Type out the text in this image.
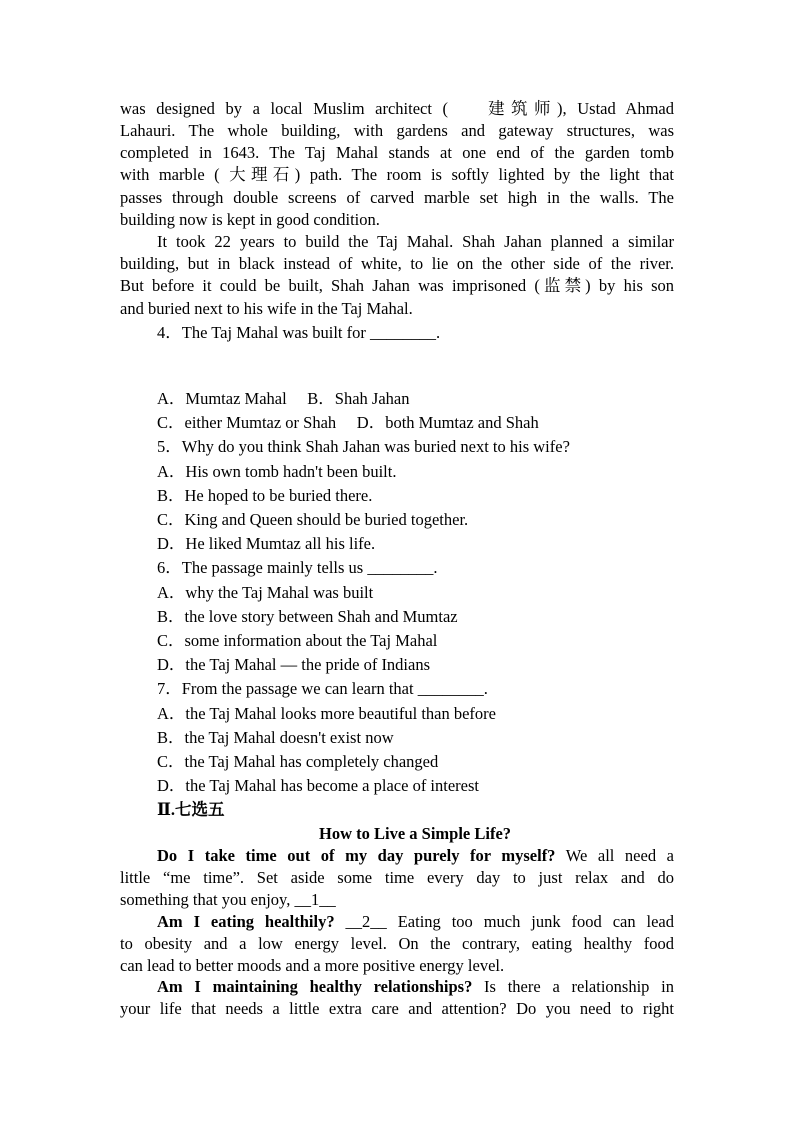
was designed by a local Muslim architect (　 建筑师), Ustad Ahmad
Lahauri. The whole building, with gardens and gateway structures, was
completed in 1643. The Taj Mahal stands at one end of the garden tomb
with marble ( 大理石) path. The room is softly lighted by the light that
passes through double screens of carved marble set high in the walls. The
building now is kept in good condition.
It took 22 years to build the Taj Mahal. Shah Jahan planned a similar
building, but in black instead of white, to lie on the other side of the river.
But before it could be built, Shah Jahan was imprisoned (监禁) by his son
and buried next to his wife in the Taj Mahal.
4．The Taj Mahal was built for ________.
A．Mumtaz Mahal  B．Shah Jahan
C．either Mumtaz or Shah  D．both Mumtaz and Shah
5．Why do you think Shah Jahan was buried next to his wife?
A．His own tomb hadn't been built.
B．He hoped to be buried there.
C．King and Queen should be buried together.
D．He liked Mumtaz all his life.
6．The passage mainly tells us ________.
A．why the Taj Mahal was built
B．the love story between Shah and Mumtaz
C．some information about the Taj Mahal
D．the Taj Mahal — the pride of Indians
7．From the passage we can learn that ________.
A．the Taj Mahal looks more beautiful than before
B．the Taj Mahal doesn't exist now
C．the Taj Mahal has completely changed
D．the Taj Mahal has become a place of interest
Ⅱ.七选五
How to Live a Simple Life?
Do I take time out of my day purely for myself? We all need a
little “me time”. Set aside some time every day to just relax and do
something that you enjoy, __1__
Am I eating healthily? __2__ Eating too much junk food can lead
to obesity and a low energy level. On the contrary, eating healthy food
can lead to better moods and a more positive energy level.
Am I maintaining healthy relationships? Is there a relationship in
your life that needs a little extra care and attention? Do you need to right
